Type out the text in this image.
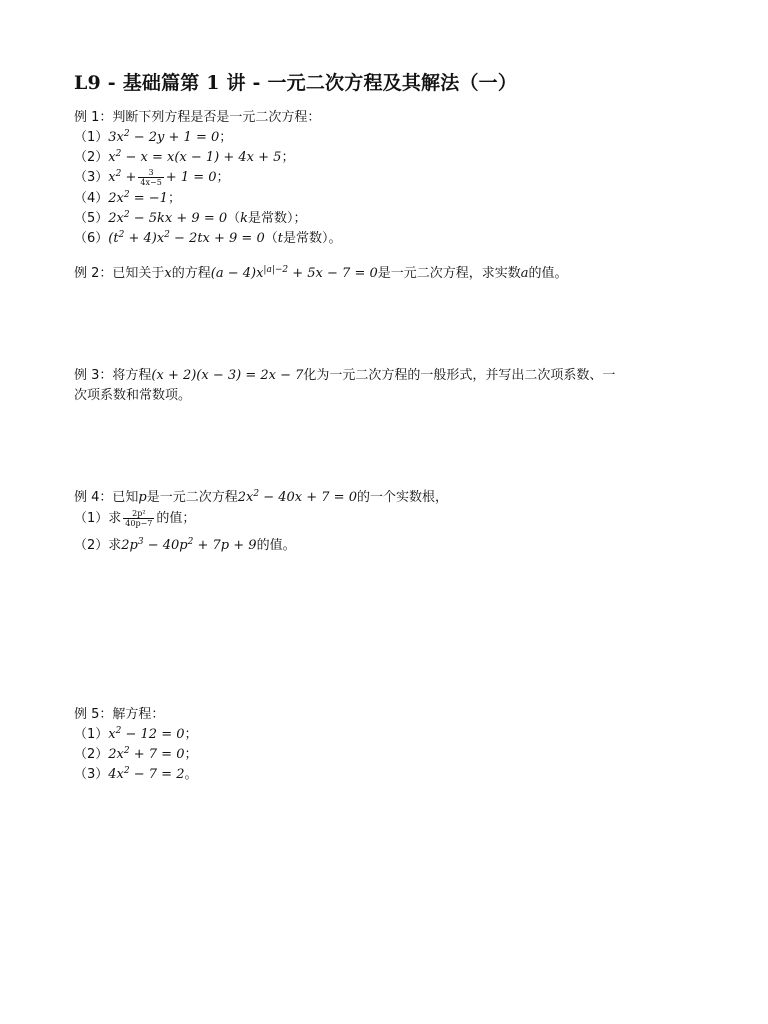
L9 - 基础篇第 1 讲 - 一元二次方程及其解法（一）
例 1：判断下列方程是否是一元二次方程：
$(1)3x^2 - 2y + 1 = 0$；
$(2)x^2 - x = x(x - 1) + 4x + 5$；
$(3)x^2 + \frac{3}{4x-5} + 1 = 0$；
$(4)2x^2 = -1$；
$(5)2x^2 - 5kx + 9 = 0(k$是常数）；
$(6)(t^2 + 4)x^2 - 2tx + 9 = 0(t$是常数）。
例 2：已知关于x的方程$(a - 4)x^{|a|-2} + 5x - 7 = 0$是一元二次方程，求实数a的值。
例 3：将方程(x + 2)(x − 3) = 2x − 7化为一元二次方程的一般形式，并写出二次项系数、一
次项系数和常数项。
例 4：已知p是一元二次方程$2x^2 - 40x + 7 = 0$的一个实数根，
（1）求 $\frac{\text{2p²}}{40p-7}$ 的值；
（2）求$2p^3 - 40p^2 + 7p + 9$的值。
例 5：解方程：
$(1)x^2 - 12 = 0$；
$(2)2x^2 + 7 = 0$；
$(3)4x^2 - 7 = 2$。
